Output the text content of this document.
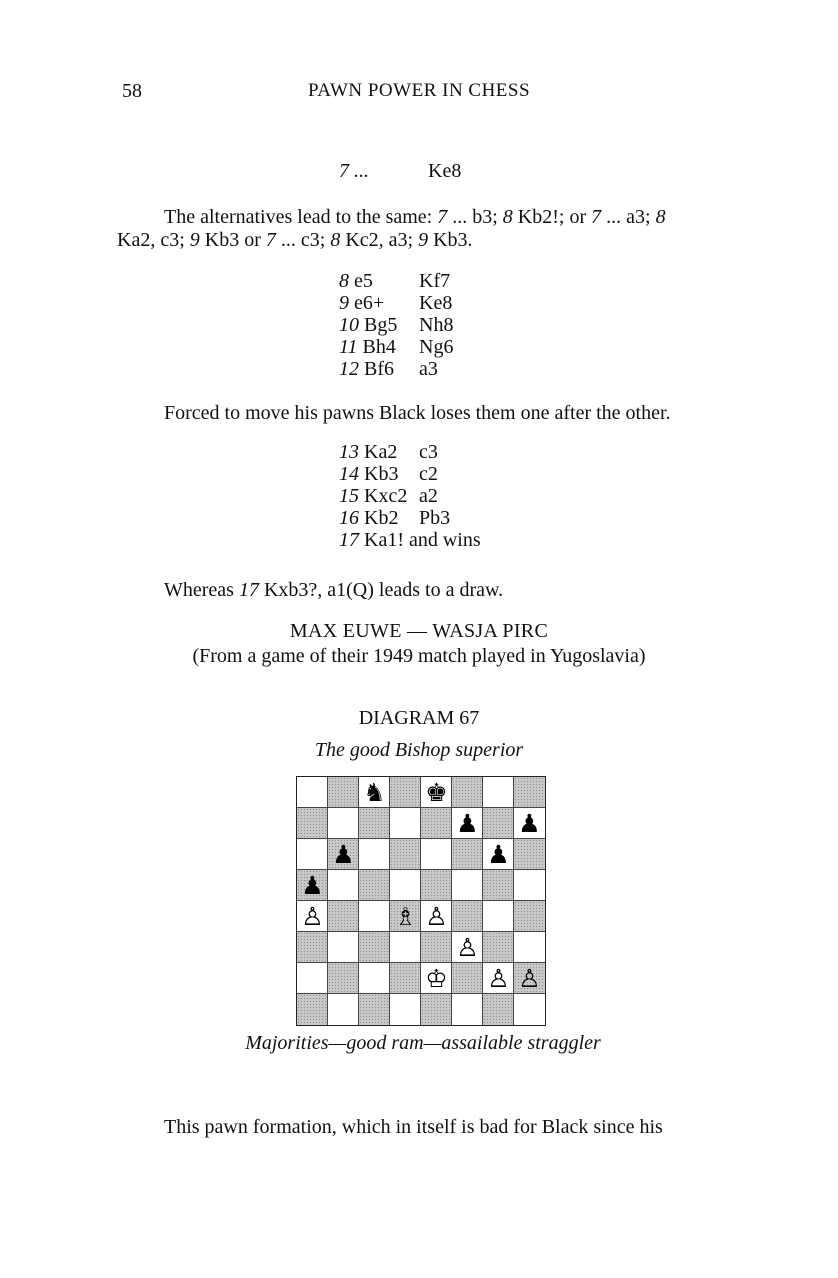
58	PAWN POWER IN CHESS
7 ...	Ke8
The alternatives lead to the same: 7 ... b3; 8 Kb2!; or 7 ... a3; 8
Ka2, c3; 9 Kb3 or 7 ... c3; 8 Kc2, a3; 9 Kb3.
8 e5 Kf7
9 e6+ Ke8
10 Bg5 Nh8
11 Bh4 Ng6
12 Bf6 a3
Forced to move his pawns Black loses them one after the other.
13 Ka2 c3
14 Kb3 c2
15 Kxc2 a2
16 Kb2 Pb3
17 Ka1! and wins
Whereas 17 Kxb3?, a1(Q) leads to a draw.
MAX EUWE — WASJA PIRC
(From a game of their 1949 match played in Yugoslavia)
DIAGRAM 67
The good Bishop superior
♞ ♚
♟ ♟
♟	♟
♟
♙	♗ ♙
♙
♔ ♙ ♙
Majorities—good ram—assailable straggler
This pawn formation, which in itself is bad for Black since his
